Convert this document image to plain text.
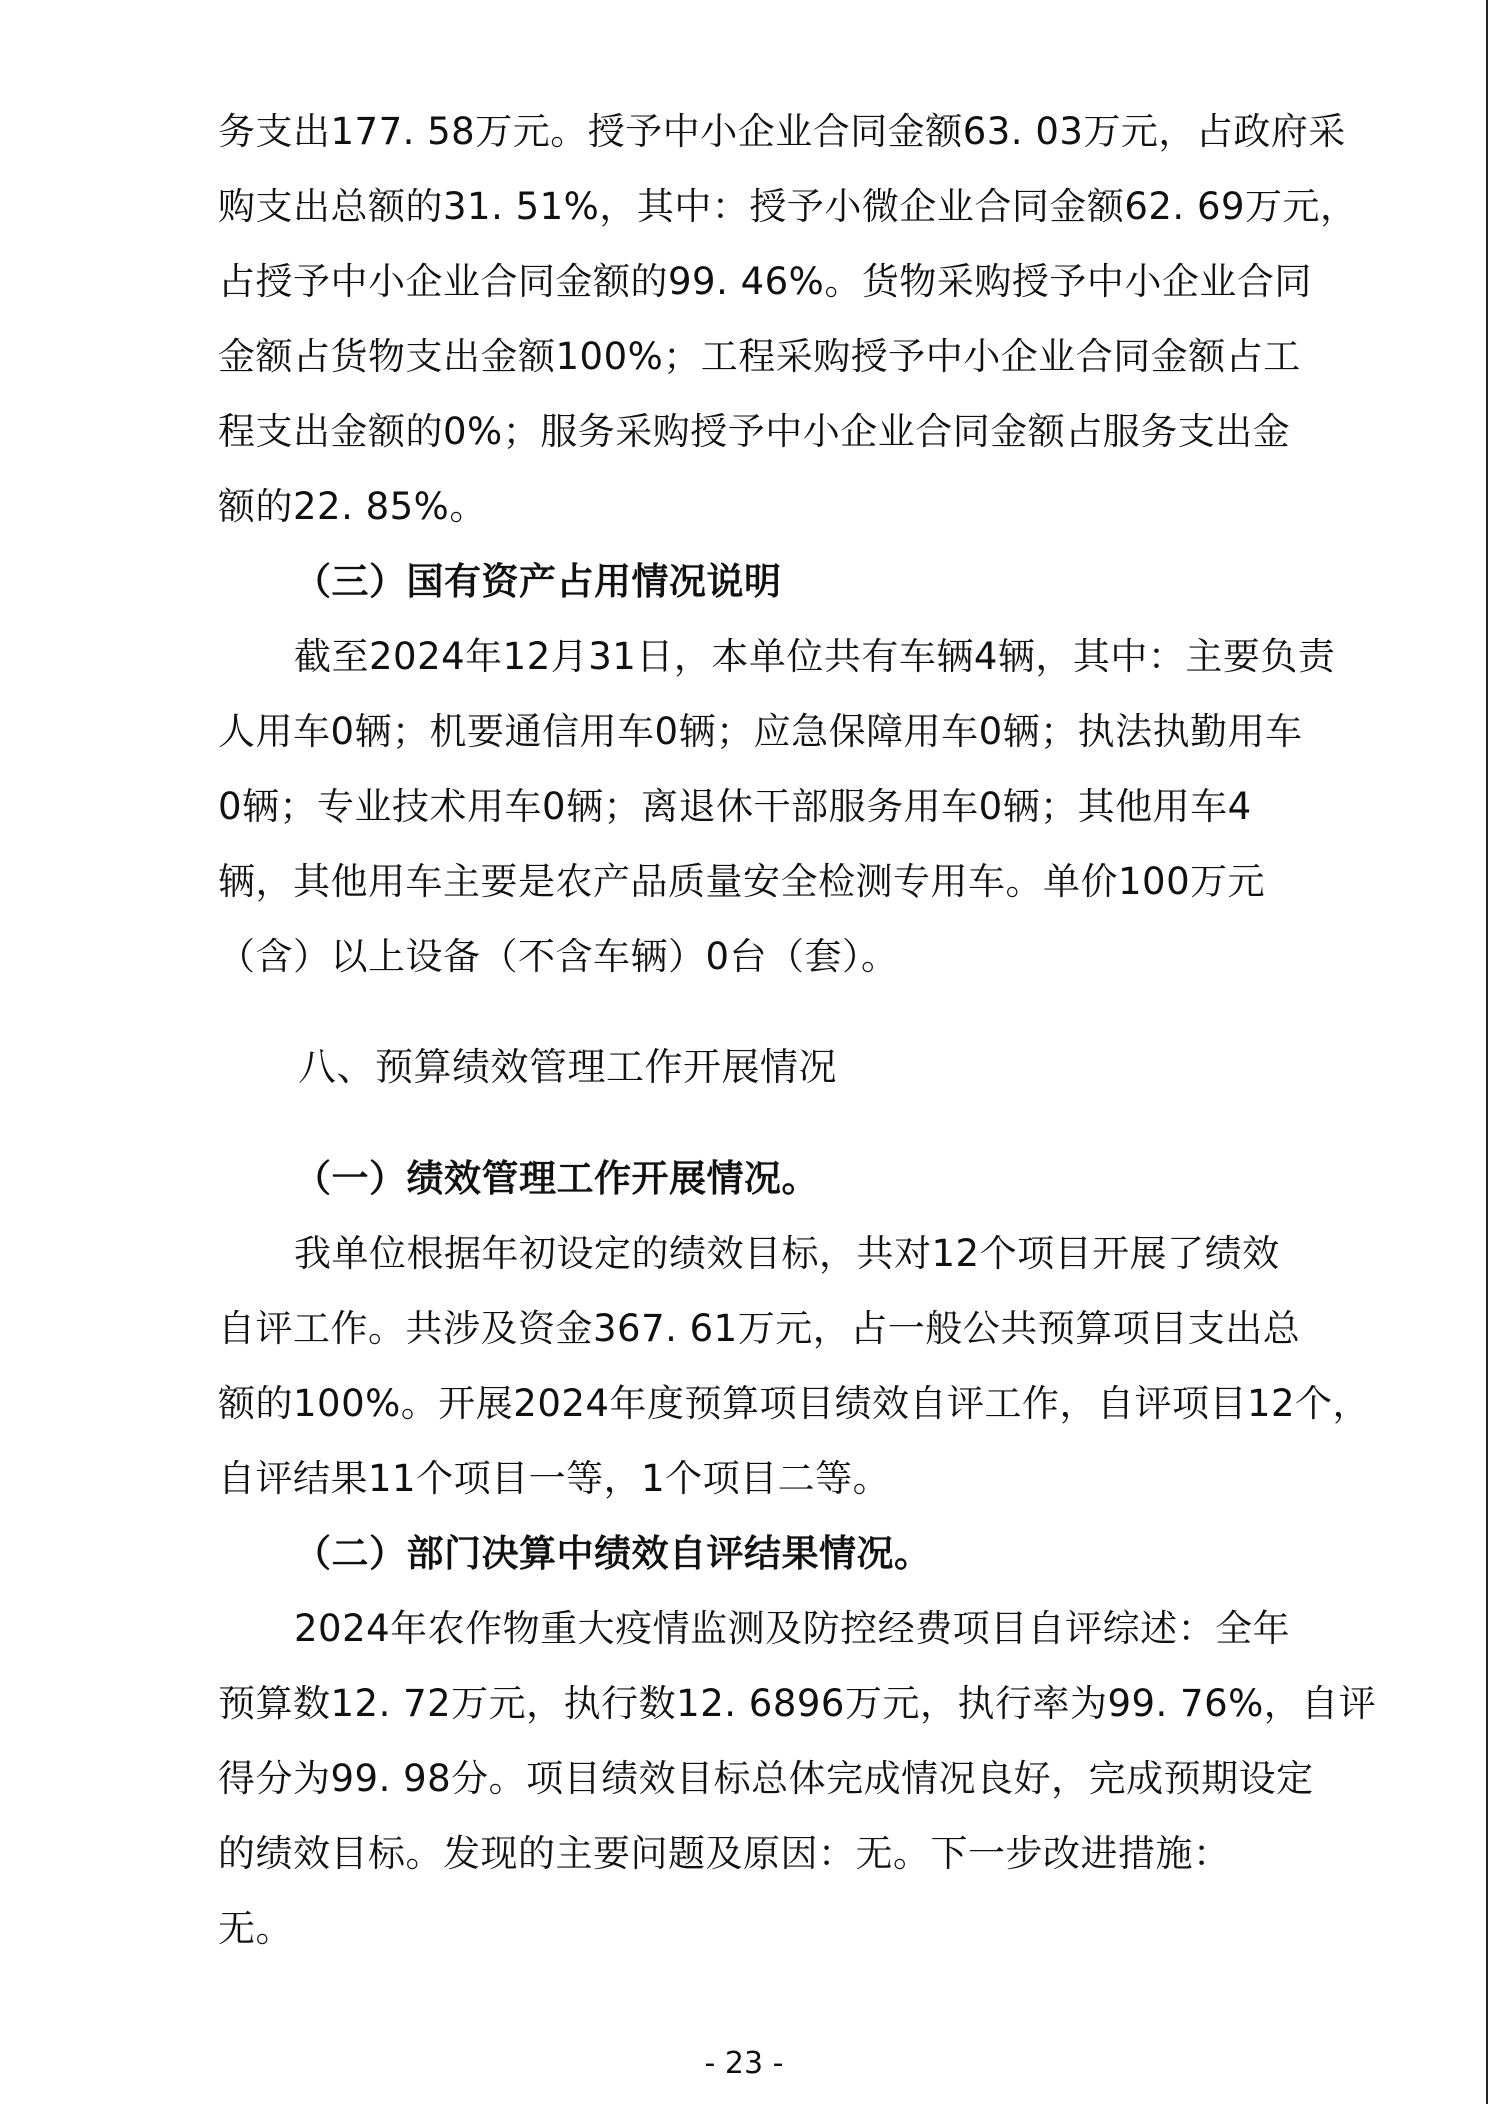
务支出177. 58万元。授予中小企业合同金额63. 03万元，占政府采
购支出总额的31. 51%，其中：授予小微企业合同金额62. 69万元，
占授予中小企业合同金额的99. 46%。货物采购授予中小企业合同
金额占货物支出金额100%；工程采购授予中小企业合同金额占工
程支出金额的0%；服务采购授予中小企业合同金额占服务支出金
额的22. 85%。
（三）国有资产占用情况说明
截至2024年12月31日，本单位共有车辆4辆，其中：主要负责
人用车0辆；机要通信用车0辆；应急保障用车0辆；执法执勤用车
0辆；专业技术用车0辆；离退休干部服务用车0辆；其他用车4
辆，其他用车主要是农产品质量安全检测专用车。单价100万元
（含）以上设备（不含车辆）0台（套）。
八、预算绩效管理工作开展情况
（一）绩效管理工作开展情况。
我单位根据年初设定的绩效目标，共对12个项目开展了绩效
自评工作。共涉及资金367. 61万元，占一般公共预算项目支出总
额的100%。开展2024年度预算项目绩效自评工作，自评项目12个，
自评结果11个项目一等，1个项目二等。
（二）部门决算中绩效自评结果情况。
2024年农作物重大疫情监测及防控经费项目自评综述：全年
预算数12. 72万元，执行数12. 6896万元，执行率为99. 76%，自评
得分为99. 98分。项目绩效目标总体完成情况良好，完成预期设定
的绩效目标。发现的主要问题及原因：无。下一步改进措施：
无。
- 23 -
